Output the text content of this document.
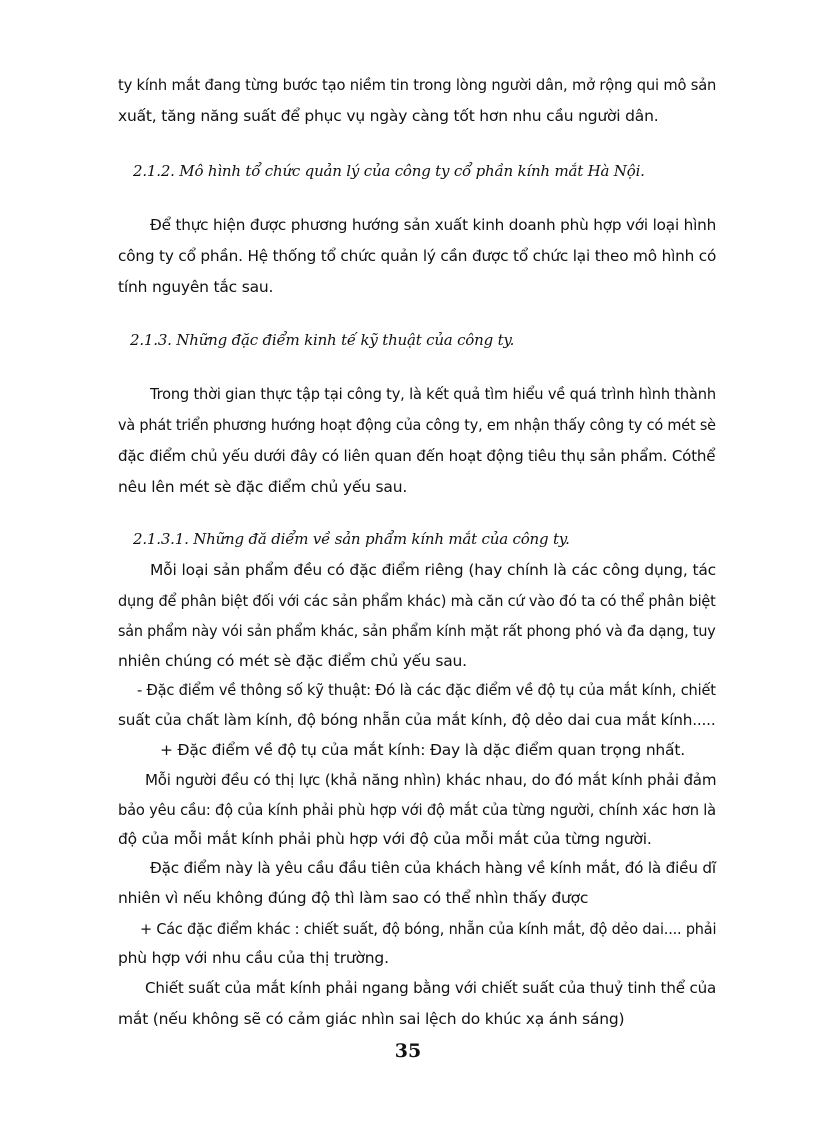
ty kính mắt đang từng bước tạo niềm tin trong lòng người dân, mở rộng qui mô sản
xuất, tăng năng suất để phục vụ ngày càng tốt hơn nhu cầu người dân.
2.1.2. Mô hình tổ chức quản lý của công ty cổ phần kính mắt Hà Nội.
Để thực hiện được phương hướng sản xuất kinh doanh phù hợp với loại hình
công ty cổ phần. Hệ thống tổ chức quản lý cần được tổ chức lại theo mô hình có
tính nguyên tắc sau.
2.1.3. Những đặc điểm kinh tế kỹ thuật của công ty.
Trong thời gian thực tập tại công ty, là kết quả tìm hiểu về quá trình hình thành
và phát triển phương hướng hoạt động của công ty, em nhận thấy công ty có mét sè
đặc điểm chủ yếu dưới đây có liên quan đến hoạt động tiêu thụ sản phẩm. Cóthể
nêu lên mét sè đặc điểm chủ yếu sau.
2.1.3.1. Những đă diểm về sản phẩm kính mắt của công ty.
Mỗi loại sản phẩm đều có đặc điểm riêng (hay chính là các công dụng, tác
dụng để phân biệt đối với các sản phẩm khác) mà căn cứ vào đó ta có thể phân biệt
sản phẩm này vói sản phẩm khác, sản phẩm kính mặt rất phong phó và đa dạng, tuy
nhiên chúng có mét sè đặc điểm chủ yếu sau.
- Đặc điểm về thông số kỹ thuật: Đó là các đặc điểm về độ tụ của mắt kính, chiết
suất của chất làm kính, độ bóng nhẵn của mắt kính, độ dẻo dai cua mắt kính.....
+ Đặc điểm về độ tụ của mắt kính: Đay là dặc điểm quan trọng nhất.
Mỗi người đều có thị lực (khả năng nhìn) khác nhau, do đó mắt kính phải đảm
bảo yêu cầu: độ của kính phải phù hợp với độ mắt của từng người, chính xác hơn là
độ của mỗi mắt kính phải phù hợp với độ của mỗi mắt của từng người.
Đặc điểm này là yêu cầu đầu tiên của khách hàng về kính mắt, đó là điều dĩ
nhiên vì nếu không đúng độ thì làm sao có thể nhìn thấy được
+ Các đặc điểm khác : chiết suất, độ bóng, nhẵn của kính mắt, độ dẻo dai.... phải
phù hợp với nhu cầu của thị trường.
Chiết suất của mắt kính phải ngang bằng với chiết suất của thuỷ tinh thể của
mắt (nếu không sẽ có cảm giác nhìn sai lệch do khúc xạ ánh sáng)
35
